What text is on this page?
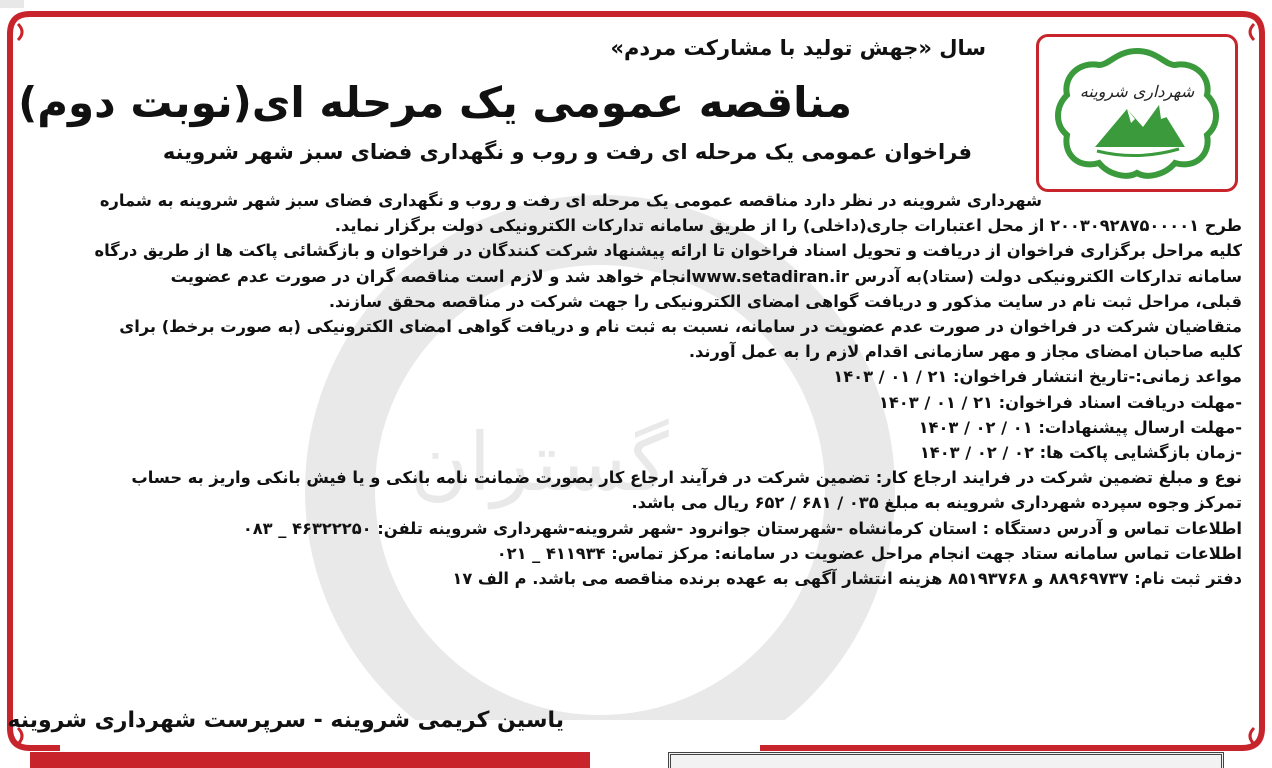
گستران
شهرداری شروینه
سال «جهش تولید با مشارکت مردم»
مناقصه عمومی یک مرحله ای(نوبت دوم)
فراخوان عمومی یک مرحله ای رفت و روب و نگهداری فضای سبز شهر شروینه

شهرداری شروینه در نظر دارد مناقصه عمومی یک مرحله ای رفت و روب و نگهداری فضای سبز شهر شروینه به شماره

طرح ۲۰۰۳۰۹۲۸۷۵۰۰۰۰۱ از محل اعتبارات جاری(داخلی) را از طریق سامانه تدارکات الکترونیکی دولت برگزار نماید.

کلیه مراحل برگزاری فراخوان از دریافت و تحویل اسناد فراخوان تا ارائه پیشنهاد شرکت کنندگان در فراخوان و بازگشائی پاکت ها از طریق درگاه

سامانه تدارکات الکترونیکی دولت (ستاد)به آدرس www.setadiran.irانجام خواهد شد و لازم است مناقصه گران در صورت عدم عضویت

قبلی، مراحل ثبت نام در سایت مذکور و دریافت گواهی امضای الکترونیکی را جهت شرکت در مناقصه محقق سازند.

متقاضیان شرکت در فراخوان در صورت عدم عضویت در سامانه، نسبت به ثبت نام و دریافت گواهی امضای الکترونیکی (به صورت برخط) برای

کلیه صاحبان امضای مجاز و مهر سازمانی اقدام لازم را به عمل آورند.

مواعد زمانی:-تاریخ انتشار فراخوان: ۲۱ / ۰۱ / ۱۴۰۳

-مهلت دریافت اسناد فراخوان: ۲۱ / ۰۱ / ۱۴۰۳

-مهلت ارسال پیشنهادات: ۰۱ / ۰۲ / ۱۴۰۳

-زمان بازگشایی پاکت ها: ۰۲ / ۰۲ / ۱۴۰۳

نوع و مبلغ تضمین شرکت در فرایند ارجاع کار: تضمین شرکت در فرآیند ارجاع کار بصورت ضمانت نامه بانکی و یا فیش بانکی واریز به حساب

تمرکز وجوه سپرده شهرداری شروینه به مبلغ ۰۳۵ / ۶۸۱ / ۶۵۲ ریال می باشد.

اطلاعات تماس و آدرس دستگاه : استان کرمانشاه -شهرستان جوانرود -شهر شروینه-شهرداری شروینه تلفن: ۴۶۳۲۲۲۵۰ _ ۰۸۳

اطلاعات تماس سامانه ستاد جهت انجام مراحل عضویت در سامانه: مرکز تماس: ۴۱۱۹۳۴ _ ۰۲۱

دفتر ثبت نام: ۸۸۹۶۹۷۳۷ و ۸۵۱۹۳۷۶۸ هزینه انتشار آگهی به عهده برنده مناقصه می باشد. م الف ۱۷

یاسین کریمی شروینه - سرپرست شهرداری شروینه
